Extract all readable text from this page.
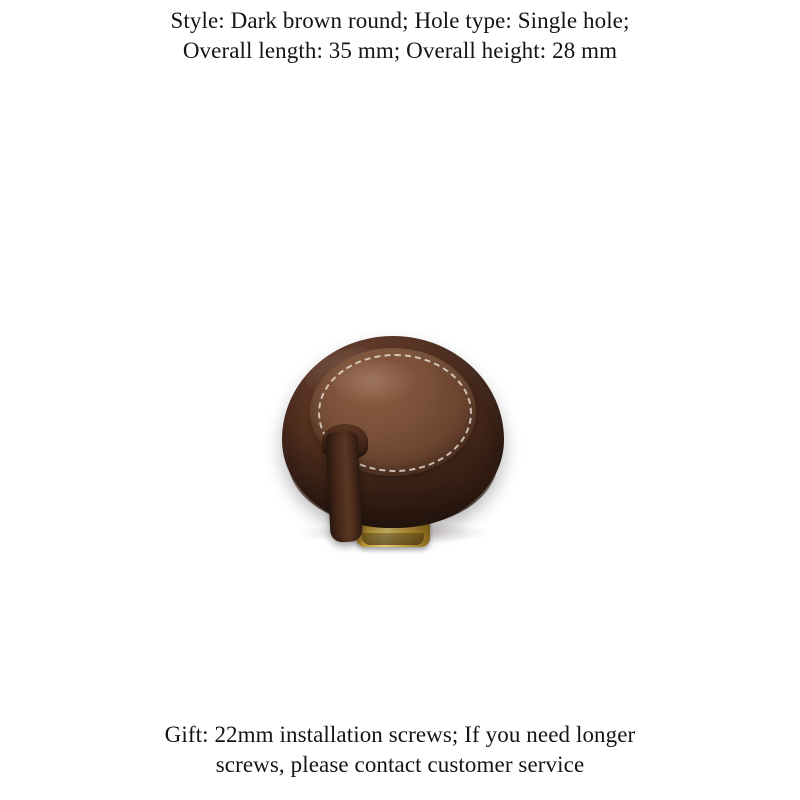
Style: Dark brown round; Hole type: Single hole;
Overall length: 35 mm; Overall height: 28 mm
Gift: 22mm installation screws; If you need longer
screws, please contact customer service
